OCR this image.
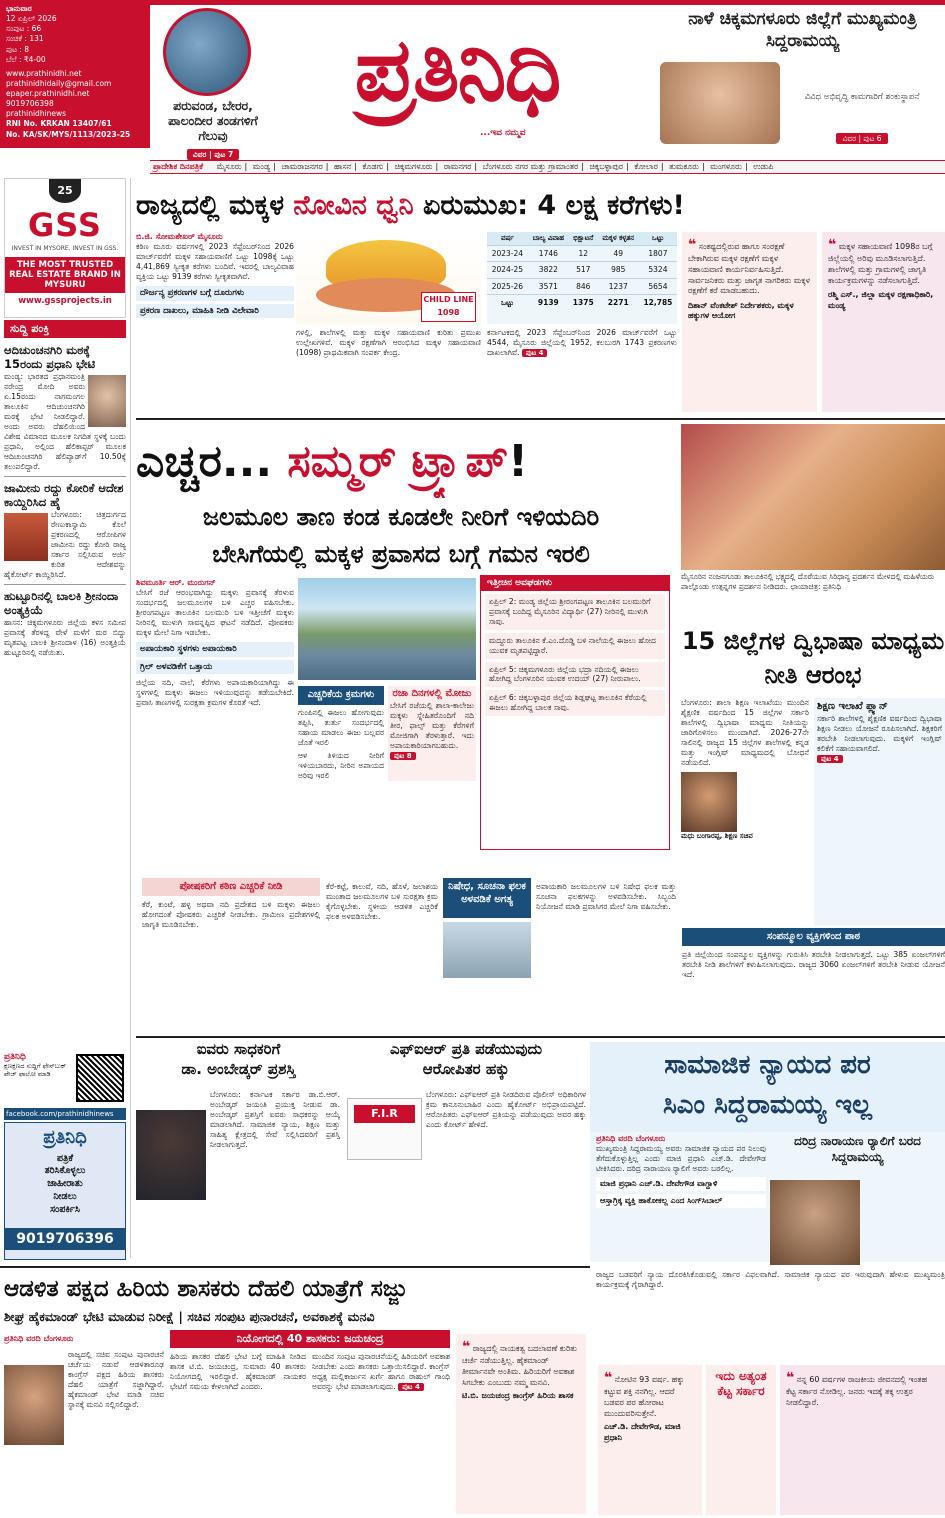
ಭಾನುವಾರ
12 ಏಪ್ರಿಲ್ 2026
ಸಂಪುಟ : 66
ಸಂಚಿಕೆ : 131
ಪುಟ : 8
ಬೆಲೆ : ₹4-00
www.prathinidhi.net
prathinidhidaily@gmail.com
epaper.prathinidhi.net
9019706398
prathinidhinews
RNI No. KRKAN 13407/61
No. KA/SK/MYS/1113/2023-25
ಪರುವಂಡ, ಬೇರರ, ಪಾಲಂದೀರ ತಂಡಗಳಿಗೆ ಗೆಲುವು
ವಿವರ | ಪುಟ 7
ಪ್ರತಿನಿಧಿ
...ಇವ ನಮ್ಮವ
ನಾಳೆ ಚಿಕ್ಕಮಗಳೂರು ಜಿಲ್ಲೆಗೆ ಮುಖ್ಯಮಂತ್ರಿ ಸಿದ್ದರಾಮಯ್ಯ
ವಿವಿಧ ಅಭಿವೃದ್ಧಿ ಕಾಮಗಾರಿಗೆ ಶಂಕುಸ್ಥಾಪನೆ
ವಿವರ | ಪುಟ 6
ಪ್ರಾದೇಶಿಕ ದಿನಪತ್ರಿಕೆ ಮೈಸೂರು | ಮಂಡ್ಯ | ಚಾಮರಾಜನಗರ | ಹಾಸನ | ಕೊಡಗು | ಚಿಕ್ಕಮಗಳೂರು | ರಾಮನಗರ | ಬೆಂಗಳೂರು ನಗರ ಮತ್ತು ಗ್ರಾಮಾಂತರ | ಚಿಕ್ಕಬಳ್ಳಾಪುರ | ಕೋಲಾರ | ತುಮಕೂರು | ಮಂಗಳೂರು | ಉಡುಪಿ
25
GSS
INVEST IN MYSORE. INVEST IN GSS.
THE MOST TRUSTED REAL ESTATE BRAND IN MYSURU
www.gssprojects.in
ಸುದ್ದಿ ಪಂಕ್ತಿ
ಆದಿಚುಂಚನಗಿರಿ ಮಠಕ್ಕೆ 15ರಂದು ಪ್ರಧಾನಿ ಭೇಟಿ
ಮಂಡ್ಯ: ಭಾರತದ ಪ್ರಧಾನಮಂತ್ರಿ ನರೇಂದ್ರ ಮೋದಿ ಅವರು ಏ.15ರಂದು ನಾಗಮಂಗಲ ತಾಲೂಕಿನ ಆದಿಚುಂಚನಗಿರಿ ಮಠಕ್ಕೆ ಭೇಟಿ ನೀಡಲಿದ್ದಾರೆ. ಅಂದು ಅವರು ದೆಹಲಿಯಿಂದ ವಿಶೇಷ ವಿಮಾನದ ಮೂಲಕ ನಿಗದಿತ ಸ್ಥಳಕ್ಕೆ ಬಂದು ಪ್ರಧಾನಿ, ಅಲ್ಲಿಂದ ಹೆಲಿಕಾಪ್ಟರ್ ಮೂಲಕ ಆದಿಚುಂಚನಗಿರಿ ಹೆಲಿಪ್ಯಾಡ್‌ಗೆ 10.50ಕ್ಕೆ ತಲುಪಲಿದ್ದಾರೆ.
ಜಾಮೀನು ರದ್ದು ಕೋರಿಕೆ ಆದೇಶ ಕಾಯ್ದಿರಿಸಿದ ಹೈ
ಬೆಂಗಳೂರು: ಚಿತ್ರದುರ್ಗದ ರೇಣುಕಾಸ್ವಾಮಿ ಕೊಲೆ ಪ್ರಕರಣದಲ್ಲಿ ಆರೋಪಿಗಳ ಜಾಮೀನು ರದ್ದು ಕೋರಿ ರಾಜ್ಯ ಸರ್ಕಾರ ಸಲ್ಲಿಸಿರುವ ಅರ್ಜಿ ಕುರಿತ ಆದೇಶವನ್ನು ಹೈಕೋರ್ಟ್ ಕಾಯ್ದಿರಿಸಿದೆ.
ಹುಟ್ಟೂರಿನಲ್ಲಿ ಬಾಲಕಿ ಶ್ರೀನಂದಾ ಅಂತ್ಯಕ್ರಿಯೆ
ಹಾಸನ: ಚಿಕ್ಕಮಗಳೂರು ಜಿಲ್ಲೆಯ ಕಳಸ ಸಮೀಪ ಪ್ರವಾಸಕ್ಕೆ ತೆರಳಿದ್ದ ವೇಳೆ ಮಳೆಗೆ ಮರ ಬಿದ್ದು ಮೃತಪಟ್ಟ ಬಾಲಕಿ ಶ್ರೀನಂದಾಳ (16) ಅಂತ್ಯಕ್ರಿಯೆ ಹುಟ್ಟೂರಿನಲ್ಲಿ ನಡೆಯಿತು.
ಪ್ರತಿನಿಧಿ
ಕ್ಷಣಕ್ಷಣದ ಸುದ್ದಿಗೆ ಫೇಸ್‌ಬುಕ್ ಪೇಜ್ ಫಾಲೋ ಮಾಡಿ
facebook.com/prathinidhinews
ಪ್ರತಿನಿಧಿ
ಪತ್ರಿಕೆ
ತರಿಸಿಕೊಳ್ಳಲು
ಜಾಹೀರಾತು
ನೀಡಲು
ಸಂಪರ್ಕಿಸಿ
9019706396
ರಾಜ್ಯದಲ್ಲಿ ಮಕ್ಕಳ ನೋವಿನ ಧ್ವನಿ ಏರುಮುಖ: 4 ಲಕ್ಷ ಕರೆಗಳು!
ಬಿ.ಜಿ. ಸೋಮಶೇಖರ್ ಮೈಸೂರು
ಕಠಿಣ ಮೂರು ವರ್ಷಗಳಲ್ಲಿ 2023 ಸೆಪ್ಟೆಂಬರ್‌ನಿಂದ 2026 ಮಾರ್ಚ್‌ವರೆಗೆ ಮಕ್ಕಳ ಸಹಾಯವಾಣಿಗೆ ಒಟ್ಟು 1098ಕ್ಕೆ ಒಟ್ಟು 4,41,869 ಸ್ವೀಕೃತ ಕರೆಗಳು ಬಂದಿವೆ. ಇವರಲ್ಲಿ ಬಾಲ್ಯವಿವಾಹ ವ್ಯಕ್ತಿಯ ಒಟ್ಟು 9139 ಕರೆಗಳು ಸ್ವೀಕೃತವಾಗಿವೆ.
ದೌರ್ಜನ್ಯ ಪ್ರಕರಣಗಳ ಬಗ್ಗೆ ದೂರುಗಳು
ಪ್ರಕರಣ ದಾಖಲು, ಮಾಹಿತಿ ನೀಡಿ ವಿಲೇವಾರಿ
CHILD LINE 1098
ವರ್ಷ	ಬಾಲ್ಯ ವಿವಾಹ	ಭಿಕ್ಷಾಟನೆ	ಮಕ್ಕಳ ಕಳ್ಳತನ	ಒಟ್ಟು
2023-24	1746	12	49	1807
2024-25	3822	517	985	5324
2025-26	3571	846	1237	5654
ಒಟ್ಟು	9139	1375	2271	12,785
ಗಳಲ್ಲಿ, ಶಾಲೆಗಳಲ್ಲಿ ಮತ್ತು ಮಕ್ಕಳ ಸಹಾಯವಾಣಿ ಕುರಿತು ಪ್ರಮುಖ ಉಲ್ಲೇಖಗಳಿವೆ. ಮಕ್ಕಳ ರಕ್ಷಣೆಗಾಗಿ ಆರಂಭಿಸಿದ ಮಕ್ಕಳ ಸಹಾಯವಾಣಿ (1098) ಪ್ರಾಥಮಿಕವಾಗಿ ಸಂಪರ್ಕ ಕೇಂದ್ರ.
ಕರ್ನಾಟಕದಲ್ಲಿ 2023 ಸೆಪ್ಟೆಂಬರ್‌ನಿಂದ 2026 ಮಾರ್ಚ್‌ವರೆಗೆ ಒಟ್ಟು 4544, ಮೈಸೂರು ಜಿಲ್ಲೆಯಲ್ಲಿ 1952, ಕಲಬುರಗಿ 1743 ಪ್ರಕರಣಗಳು ದಾಖಲಾಗಿವೆ. ಪುಟ 4
❝ ಸಂಕಷ್ಟದಲ್ಲಿರುವ ಹಾಗೂ ಸಂರಕ್ಷಣೆ ಬೇಕಾಗಿರುವ ಮಕ್ಕಳ ರಕ್ಷಣೆಗೆ ಮಕ್ಕಳ ಸಹಾಯವಾಣಿ ಕಾರ್ಯನಿರ್ವಹಿಸುತ್ತಿದೆ. ಸಾರ್ವಜನಿಕರು ಮತ್ತು ಜಾಗೃತ ನಾಗರಿಕರು ಮಕ್ಕಳ ರಕ್ಷಣೆಗೆ ಕರೆ ಮಾಡಬಹುದು.
ದಿಶಾನ್ ವೆಂಕಟೇಶ್ ನಿರ್ದೇಶಕರು, ಮಕ್ಕಳ ಹಕ್ಕುಗಳ ಆಯೋಗ
❝ ಮಕ್ಕಳ ಸಹಾಯವಾಣಿ 1098ರ ಬಗ್ಗೆ ಜಿಲ್ಲೆಯಲ್ಲಿ ಅರಿವು ಮೂಡಿಸಲಾಗುತ್ತಿದೆ. ಶಾಲೆಗಳಲ್ಲಿ ಮತ್ತು ಗ್ರಾಮಗಳಲ್ಲಿ ಜಾಗೃತಿ ಕಾರ್ಯಕ್ರಮಗಳನ್ನು ನಡೆಸಲಾಗುತ್ತಿದೆ.
ರಶ್ಮಿ ಎಸ್., ಜಿಲ್ಲಾ ಮಕ್ಕಳ ರಕ್ಷಣಾಧಿಕಾರಿ, ಮಂಡ್ಯ
ಎಚ್ಚರ... ಸಮ್ಮರ್ ಟ್ರ್ಯಾಪ್!
ಜಲಮೂಲ ತಾಣ ಕಂಡ ಕೂಡಲೇ ನೀರಿಗೆ ಇಳಿಯದಿರಿ
ಬೇಸಿಗೆಯಲ್ಲಿ ಮಕ್ಕಳ ಪ್ರವಾಸದ ಬಗ್ಗೆ ಗಮನ ಇರಲಿ
ಶಿವಮೂರ್ತಿ ಆರ್. ಮುರುಗನ್
ಬೇಸಿಗೆ ರಜೆ ಆರಂಭವಾಗಿದ್ದು ಮಕ್ಕಳು ಪ್ರವಾಸಕ್ಕೆ ತೆರಳುವ ಸಂದರ್ಭದಲ್ಲಿ ಜಲಮೂಲಗಳ ಬಳಿ ಎಚ್ಚರ ವಹಿಸಬೇಕು. ಶ್ರೀರಂಗಪಟ್ಟಣ ತಾಲೂಕಿನ ಬಲಮುರಿ ಬಳಿ ಇತ್ತೀಚೆಗೆ ಮಕ್ಕಳು ನೀರಿನಲ್ಲಿ ಮುಳುಗಿ ಸಾವನ್ನಪ್ಪಿದ ಘಟನೆ ನಡೆದಿದೆ. ಪೋಷಕರು ಮಕ್ಕಳ ಮೇಲೆ ನಿಗಾ ಇಡಬೇಕು.
ಅಪಾಯಕಾರಿ ಸ್ಥಳಗಳು ಅಪಾಯಕಾರಿ
ಗ್ರಿಲ್ ಅಳವಡಿಕೆಗೆ ಒತ್ತಾಯ
ಜಿಲ್ಲೆಯ ನದಿ, ನಾಲೆ, ಕೆರೆಗಳು ಅಪಾಯಕಾರಿಯಾಗಿದ್ದು ಈ ಸ್ಥಳಗಳಲ್ಲಿ ಮಕ್ಕಳು ಈಜಲು ಇಳಿಯುವುದನ್ನು ತಡೆಯಬೇಕಿದೆ. ಪ್ರವಾಸಿ ತಾಣಗಳಲ್ಲಿ ಸುರಕ್ಷತಾ ಕ್ರಮಗಳ ಕೊರತೆ ಇದೆ.
ಎಚ್ಚರಿಕೆಯ ಕ್ರಮಗಳು
ಗುಂಪಿನಲ್ಲಿ ಈಜಲು ಹೋಗುವುದು ತಪ್ಪಿಸಿ, ತುರ್ತು ಸಂದರ್ಭದಲ್ಲಿ ಸಹಾಯ ಮಾಡಲು ಈಜು ಬಲ್ಲವರ ಜೊತೆ ಇರಲಿ
ಆಳ ತಿಳಿಯದ ನೀರಿಗೆ ಇಳಿಯಬಾರದು, ನೀರಿನ ಅಪಾಯದ ಅರಿವು ಇರಲಿ
ರಜಾ ದಿನಗಳಲ್ಲಿ ಮೋಜು
ಬೇಸಿಗೆ ರಜೆಯಲ್ಲಿ ಶಾಲಾ-ಕಾಲೇಜು ಮಕ್ಕಳು ಸ್ನೇಹಿತರೊಂದಿಗೆ ನದಿ ತೀರ, ಫಾಲ್ಸ್ ಮತ್ತು ಕೆರೆಗಳಿಗೆ ಮೋಜಿಗಾಗಿ ತೆರಳುತ್ತಾರೆ. ಇದು ಅಪಾಯಕಾರಿಯಾಗಬಹುದು.
ಪುಟ 8
ಇತ್ತೀಚಿನ ಅವಘಡಗಳು
ಏಪ್ರಿಲ್ 2: ಮಂಡ್ಯ ಜಿಲ್ಲೆಯ ಶ್ರೀರಂಗಪಟ್ಟಣ ತಾಲೂಕಿನ ಬಲಮುರಿಗೆ ಪ್ರವಾಸಕ್ಕೆ ಬಂದಿದ್ದ ಮೈಸೂರಿನ ವಿದ್ಯಾರ್ಥಿ (27) ನೀರಿನಲ್ಲಿ ಮುಳುಗಿ ಸಾವು.
ಮದ್ದೂರು ತಾಲೂಕಿನ ಕೆ.ಎಂ.ದೊಡ್ಡಿ ಬಳಿ ನಾಲೆಯಲ್ಲಿ ಈಜಲು ಹೋದ ಯುವಕ ಮೃತಪಟ್ಟಿದ್ದಾರೆ.
ಏಪ್ರಿಲ್ 5: ಚಿಕ್ಕಮಗಳೂರು ಜಿಲ್ಲೆಯ ಭದ್ರಾ ನದಿಯಲ್ಲಿ ಈಜಲು ಹೋಗಿದ್ದ ಬೆಂಗಳೂರಿನ ಯುವಕ ಉದಯ್ (27) ನೀರುಪಾಲು.
ಏಪ್ರಿಲ್ 6: ಚಿಕ್ಕಬಳ್ಳಾಪುರ ಜಿಲ್ಲೆಯ ಶಿಡ್ಲಘಟ್ಟ ತಾಲೂಕಿನ ಕೆರೆಯಲ್ಲಿ ಈಜಲು ಹೋಗಿದ್ದ ಬಾಲಕ ಸಾವು.
ಮೈಸೂರಿನ ನಂಜನಗೂಡು ತಾಲೂಕಿನಲ್ಲಿ ಭಕ್ಷ್ಯದಲ್ಲಿ ದೊರೆಯುವ ಸಿರಿಧಾನ್ಯ ಪ್ರದರ್ಶನ ಮೇಳದಲ್ಲಿ ಮಹಿಳೆಯರು ಪಾಲ್ಗೊಂಡು ಉತ್ಪನ್ನಗಳ ಪ್ರದರ್ಶನ ನೀಡಿದರು. ಛಾಯಾಚಿತ್ರ: ಪ್ರತಿನಿಧಿ
15 ಜಿಲ್ಲೆಗಳ ದ್ವಿಭಾಷಾ ಮಾಧ್ಯಮ ನೀತಿ ಆರಂಭ
ಬೆಂಗಳೂರು: ಶಾಲಾ ಶಿಕ್ಷಣ ಇಲಾಖೆಯು ಮುಂದಿನ ಶೈಕ್ಷಣಿಕ ವರ್ಷದಿಂದ 15 ಜಿಲ್ಲೆಗಳ ಸರ್ಕಾರಿ ಶಾಲೆಗಳಲ್ಲಿ ದ್ವಿಭಾಷಾ ಮಾಧ್ಯಮ ನೀತಿಯನ್ನು ಜಾರಿಗೊಳಿಸಲು ಮುಂದಾಗಿದೆ. 2026-27ನೇ ಸಾಲಿನಲ್ಲಿ ರಾಜ್ಯದ 15 ಜಿಲ್ಲೆಗಳ ಶಾಲೆಗಳಲ್ಲಿ ಕನ್ನಡ ಮತ್ತು ಇಂಗ್ಲಿಷ್ ಮಾಧ್ಯಮದಲ್ಲಿ ಬೋಧನೆ ನಡೆಯಲಿದೆ.
ಮಧು ಬಂಗಾರಪ್ಪ, ಶಿಕ್ಷಣ ಸಚಿವ
ಶಿಕ್ಷಣ ಇಲಾಖೆ ಪ್ಲ್ಯಾನ್
ಸರ್ಕಾರಿ ಶಾಲೆಗಳಲ್ಲಿ ಶೈಕ್ಷಣಿಕ ವರ್ಷದಿಂದ ದ್ವಿಭಾಷಾ ಶಿಕ್ಷಣ ನೀಡಲು ಯೋಜನೆ ರೂಪಿಸಲಾಗಿದೆ. ಶಿಕ್ಷಕರಿಗೆ ತರಬೇತಿ ನೀಡಲಾಗುವುದು. ಮಕ್ಕಳಿಗೆ ಇಂಗ್ಲಿಷ್ ಕಲಿಕೆಗೆ ಸಹಾಯವಾಗಲಿದೆ.
ಪುಟ 4
ಪೋಷಕರಿಗೆ ಕಠಿಣ ಎಚ್ಚರಿಕೆ ನೀಡಿ
ಕೆರೆ, ಕುಂಟೆ, ಹಳ್ಳ ಅಥವಾ ನದಿ ಪ್ರದೇಶದ ಬಳಿ ಮಕ್ಕಳು ಈಜಲು ಹೋಗದಂತೆ ಪೋಷಕರು ಎಚ್ಚರಿಕೆ ನೀಡಬೇಕು. ಗ್ರಾಮೀಣ ಪ್ರದೇಶಗಳಲ್ಲಿ ಜಾಗೃತಿ ಮೂಡಿಸಬೇಕು.
ಕೆರೆ-ಕಟ್ಟೆ, ಕಾಲುವೆ, ನದಿ, ಹೊಳೆ, ಜಲಾಶಯ ಮುಂತಾದ ಜಲಮೂಲಗಳ ಬಳಿ ಸುರಕ್ಷತಾ ಕ್ರಮ ಕೈಗೊಳ್ಳಬೇಕು. ಸ್ಥಳೀಯ ಆಡಳಿತ ಎಚ್ಚರಿಕೆ ಫಲಕ ಅಳವಡಿಸಬೇಕು.
ನಿಷೇಧ, ಸೂಚನಾ ಫಲಕ ಅಳವಡಿಕೆ ಅಗತ್ಯ
ಅಪಾಯಕಾರಿ ಜಲಮೂಲಗಳ ಬಳಿ ನಿಷೇಧ ಫಲಕ ಮತ್ತು ಸೂಚನಾ ಫಲಕಗಳನ್ನು ಅಳವಡಿಸಬೇಕು. ಸಿಬ್ಬಂದಿ ನಿಯೋಜನೆ ಮಾಡಿ ಪ್ರವಾಸಿಗರ ಮೇಲೆ ನಿಗಾ ವಹಿಸಬೇಕು.
ಸಂಪನ್ಮೂಲ ವ್ಯಕ್ತಿಗಳಿಂದ ಪಾಠ
ಪ್ರತಿ ಜಿಲ್ಲೆಯಿಂದ ಸಂಪನ್ಮೂಲ ವ್ಯಕ್ತಿಗಳನ್ನು ಗುರುತಿಸಿ ತರಬೇತಿ ನೀಡಲಾಗುತ್ತದೆ. ಒಟ್ಟು 385 ಏಂಜಲ್‌ಗಳಿಗೆ ತರಬೇತಿ ನೀಡಿ ಶಾಲೆಗಳಿಗೆ ಕಳುಹಿಸಲಾಗುವುದು. ರಾಜ್ಯದ 3060 ಏಂಜಲ್‌ಗಳಿಗೆ ತರಬೇತಿ ನೀಡುವ ಯೋಜನೆ ಇದೆ.
ಐವರು ಸಾಧಕರಿಗೆ
ಡಾ. ಅಂಬೇಡ್ಕರ್ ಪ್ರಶಸ್ತಿ
ಬೆಂಗಳೂರು: ಕರ್ನಾಟಕ ಸರ್ಕಾರ ಡಾ.ಬಿ.ಆರ್. ಅಂಬೇಡ್ಕರ್ ಜಯಂತಿ ಪ್ರಯುಕ್ತ ನೀಡುವ ಡಾ. ಅಂಬೇಡ್ಕರ್ ಪ್ರಶಸ್ತಿಗೆ ಐವರು ಸಾಧಕರನ್ನು ಆಯ್ಕೆ ಮಾಡಲಾಗಿದೆ. ಸಾಮಾಜಿಕ ನ್ಯಾಯ, ಶಿಕ್ಷಣ ಮತ್ತು ಸಾಹಿತ್ಯ ಕ್ಷೇತ್ರದಲ್ಲಿ ಸೇವೆ ಸಲ್ಲಿಸಿದವರಿಗೆ ಪ್ರಶಸ್ತಿ ನೀಡಲಾಗುತ್ತದೆ.
ಎಫ್ಐಆರ್ ಪ್ರತಿ ಪಡೆಯುವುದು
ಆರೋಪಿತರ ಹಕ್ಕು
F.I.R
ಬೆಂಗಳೂರು: ಎಫ್ಐಆರ್ ಪ್ರತಿ ನೀಡದಿರುವ ಪೊಲೀಸ್ ಅಧಿಕಾರಿಗಳ ಕ್ರಮ ಕಾನೂನುಬಾಹಿರ ಎಂದು ಹೈಕೋರ್ಟ್ ಅಭಿಪ್ರಾಯಪಟ್ಟಿದೆ. ಆರೋಪಿತರು ಎಫ್ಐಆರ್ ಪ್ರತಿಯನ್ನು ಪಡೆಯುವುದು ಅವರ ಹಕ್ಕು ಎಂದು ಕೋರ್ಟ್ ಹೇಳಿದೆ.
ಸಾಮಾಜಿಕ ನ್ಯಾಯದ ಪರ
ಸಿಎಂ ಸಿದ್ದರಾಮಯ್ಯ ಇಲ್ಲ
ಪ್ರತಿನಿಧಿ ವರದಿ ಬೆಂಗಳೂರು
ಮುಖ್ಯಮಂತ್ರಿ ಸಿದ್ದರಾಮಯ್ಯ ಅವರು ಸಾಮಾಜಿಕ ನ್ಯಾಯದ ಪರ ನಿಲುವು ತೆಗೆದುಕೊಳ್ಳುತ್ತಿಲ್ಲ ಎಂದು ಮಾಜಿ ಪ್ರಧಾನಿ ಎಚ್.ಡಿ. ದೇವೇಗೌಡ ಟೀಕಿಸಿದರು. ದರಿದ್ರ ನಾರಾಯಣ ರ‍್ಯಾಲಿಗೆ ಅವರು ಬರಲಿಲ್ಲ.
ಮಾಜಿ ಪ್ರಧಾನಿ ಎಚ್.ಡಿ. ದೇವೇಗೌಡ ವಾಗ್ದಾಳಿ
ಆಸ್ತಾಗ್ರಿಕ್ಕ ವ್ಯಕ್ತಿ ಹಾಕೋಕಲ್ಲ ಎಂದ ಸಿಂಗ್‌ಸಿಬಾಲ್
ದರಿದ್ರ ನಾರಾಯಣ ರ‍್ಯಾಲಿಗೆ ಬರದ ಸಿದ್ದರಾಮಯ್ಯ
ರಾಜ್ಯದ ಬಡವರಿಗೆ ನ್ಯಾಯ ದೊರಕಿಸಿಕೊಡುವಲ್ಲಿ ಸರ್ಕಾರ ವಿಫಲವಾಗಿದೆ. ಸಾಮಾಜಿಕ ನ್ಯಾಯದ ಪರ ಇರುವುದಾಗಿ ಹೇಳುವ ಮುಖ್ಯಮಂತ್ರಿ ಕಾರ್ಯಕ್ರಮಕ್ಕೆ ಗೈರಾಗಿದ್ದಾರೆ.
❝ ನೋಟಿನ 93 ವರ್ಷ. ಹಕ್ಕು ಕಟ್ಟುವ ಶಕ್ತಿ ನನಗಿಲ್ಲ. ಆದರೆ ಬಡವರ ಪರ ಹೋರಾಟ ಮುಂದುವರಿಸುತ್ತೇನೆ.
ಎಚ್.ಡಿ. ದೇವೇಗೌಡ, ಮಾಜಿ ಪ್ರಧಾನಿ
ಇದು ಅತ್ಯಂತ ಕೆಟ್ಟ ಸರ್ಕಾರ
❝ ನನ್ನ 60 ವರ್ಷಗಳ ರಾಜಕೀಯ ಜೀವನದಲ್ಲಿ ಇಂತಹ ಕೆಟ್ಟ ಸರ್ಕಾರ ನೋಡಿಲ್ಲ. ಜನರು ಇದಕ್ಕೆ ತಕ್ಕ ಉತ್ತರ ನೀಡಲಿದ್ದಾರೆ.
ಆಡಳಿತ ಪಕ್ಷದ ಹಿರಿಯ ಶಾಸಕರು ದೆಹಲಿ ಯಾತ್ರೆಗೆ ಸಜ್ಜು
ಶೀಘ್ರ ಹೈಕಮಾಂಡ್ ಭೇಟಿ ಮಾಡುವ ನಿರೀಕ್ಷೆ | ಸಚಿವ ಸಂಪುಟ ಪುನಾರಚನೆ, ಅವಕಾಶಕ್ಕೆ ಮನವಿ
ನಿಯೋಗದಲ್ಲಿ 40 ಶಾಸಕರು: ಜಯಚಂದ್ರ
ಪ್ರತಿನಿಧಿ ವರದಿ ಬೆಂಗಳೂರು
ರಾಜ್ಯದಲ್ಲಿ ಸಚಿವ ಸಂಪುಟ ಪುನಾರಚನೆ ಚರ್ಚೆಯ ನಡುವೆ ಆಡಳಿತಾರೂಢ ಕಾಂಗ್ರೆಸ್ ಪಕ್ಷದ ಹಿರಿಯ ಶಾಸಕರು ದೆಹಲಿ ಯಾತ್ರೆಗೆ ಸಜ್ಜಾಗಿದ್ದಾರೆ. ಹೈಕಮಾಂಡ್ ಭೇಟಿ ಮಾಡಿ ಸಚಿವ ಸ್ಥಾನಕ್ಕೆ ಮನವಿ ಸಲ್ಲಿಸಲಿದ್ದಾರೆ.
ಹಿರಿಯ ಶಾಸಕರ ದೆಹಲಿ ಭೇಟಿ ಬಗ್ಗೆ ಮಾಹಿತಿ ನೀಡಿದ ಶಾಸಕ ಟಿ.ಬಿ. ಜಯಚಂದ್ರ, ಸುಮಾರು 40 ಶಾಸಕರು ನಿಯೋಗದಲ್ಲಿ ಇರಲಿದ್ದಾರೆ. ಹೈಕಮಾಂಡ್ ನಾಯಕರ ಭೇಟಿಗೆ ಸಮಯ ಕೇಳಲಾಗಿದೆ ಎಂದರು.
ಮುಂದಿನ ಸಂಪುಟ ಪುನಾರಚನೆಯಲ್ಲಿ ಹಿರಿಯರಿಗೆ ಅವಕಾಶ ನೀಡಬೇಕು ಎಂದು ಶಾಸಕರು ಒತ್ತಾಯಿಸಲಿದ್ದಾರೆ. ಕಾಂಗ್ರೆಸ್ ಅಧ್ಯಕ್ಷ ಮಲ್ಲಿಕಾರ್ಜುನ ಖರ್ಗೆ ಹಾಗೂ ರಾಹುಲ್ ಗಾಂಧಿ ಅವರನ್ನು ಭೇಟಿ ಮಾಡಲಾಗುವುದು. ಪುಟ 4
❝ ರಾಜ್ಯದಲ್ಲಿ ನಾಯಕತ್ವ ಬದಲಾವಣೆ ಕುರಿತು ಚರ್ಚೆ ನಡೆಯುತ್ತಿಲ್ಲ. ಹೈಕಮಾಂಡ್ ತೀರ್ಮಾನವೇ ಅಂತಿಮ. ಹಿರಿಯರಿಗೆ ಅವಕಾಶ ಸಿಗಬೇಕು ಎಂಬುದು ನಮ್ಮ ಮನವಿ.
ಟಿ.ಬಿ. ಜಯಚಂದ್ರ ಕಾಂಗ್ರೆಸ್ ಹಿರಿಯ ಶಾಸಕ
